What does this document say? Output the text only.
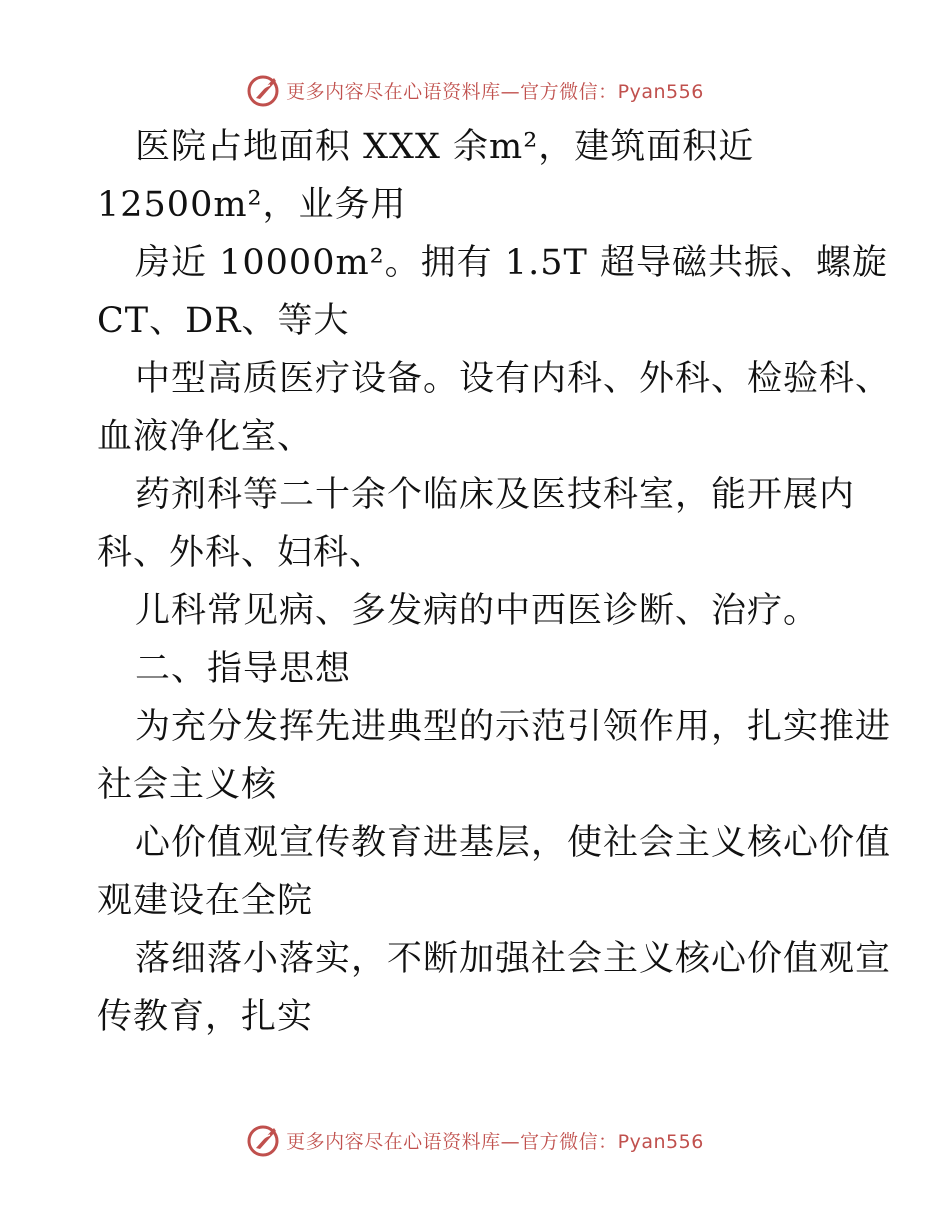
更多内容尽在心语资料库—官方微信：Pyan556
医院占地面积 XXX 余m²，建筑面积近
12500m²，业务用
房近 10000m²。拥有 1.5T 超导磁共振、螺旋
CT、DR、等大
中型高质医疗设备。设有内科、外科、检验科、
血液净化室、
药剂科等二十余个临床及医技科室，能开展内
科、外科、妇科、
儿科常见病、多发病的中西医诊断、治疗。
二、指导思想
为充分发挥先进典型的示范引领作用，扎实推进
社会主义核
心价值观宣传教育进基层，使社会主义核心价值
观建设在全院
落细落小落实，不断加强社会主义核心价值观宣
传教育，扎实
更多内容尽在心语资料库—官方微信：Pyan556
